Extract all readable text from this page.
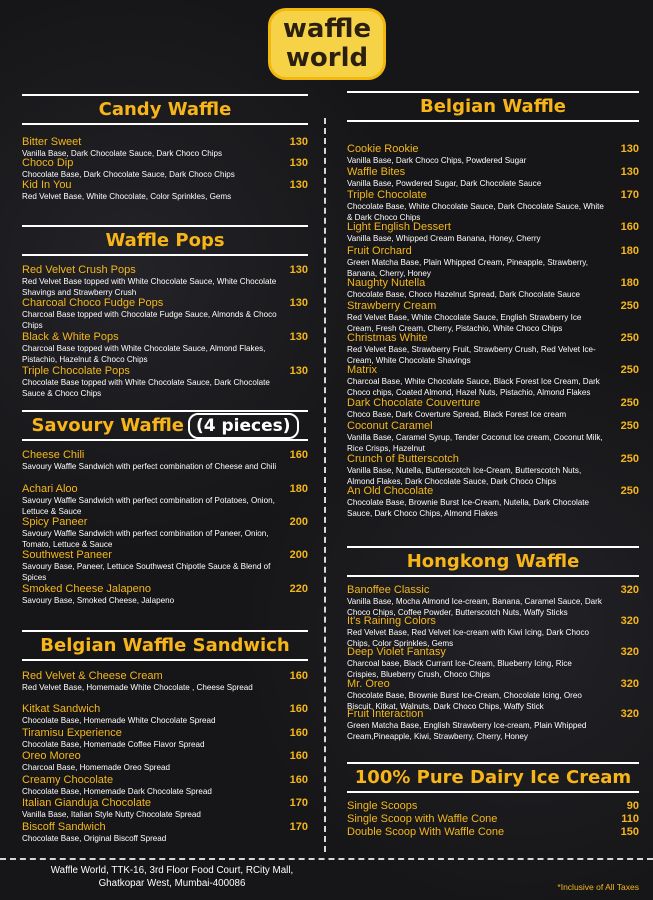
waffle
world
Candy Waffle
Bitter Sweet	130
Vanilla Base, Dark Chocolate Sauce, Dark Choco Chips
Choco Dip	130
Chocolate Base, Dark Chocolate Sauce, Dark Choco Chips
Kid In You	130
Red Velvet Base, White Chocolate, Color Sprinkles, Gems
Waffle Pops
Red Velvet Crush Pops	130
Red Velvet Base topped with White Chocolate Sauce, White Chocolate Shavings and Strawberry Crush
Charcoal Choco Fudge Pops	130
Charcoal Base topped with Chocolate Fudge Sauce, Almonds & Choco Chips
Black & White Pops	130
Charcoal Base topped with White Chocolate Sauce, Almond Flakes, Pistachio, Hazelnut & Choco Chips
Triple Chocolate Pops	130
Chocolate Base topped with White Chocolate Sauce, Dark Chocolate Sauce & Choco Chips
Savoury Waffle (4 pieces)
Cheese Chili	160
Savoury Waffle Sandwich with perfect combination of Cheese and Chili
Achari Aloo	180
Savoury Waffle Sandwich with perfect combination of Potatoes, Onion, Lettuce & Sauce
Spicy Paneer	200
Savoury Waffle Sandwich with perfect combination of Paneer, Onion, Tomato, Lettuce & Sauce
Southwest Paneer	200
Savoury Base, Paneer, Lettuce Southwest Chipotle Sauce & Blend of Spices
Smoked Cheese Jalapeno	220
Savoury Base, Smoked Cheese, Jalapeno
Belgian Waffle Sandwich
Red Velvet & Cheese Cream	160
Red Velvet Base, Homemade White Chocolate , Cheese Spread
Kitkat Sandwich	160
Chocolate Base, Homemade White Chocolate Spread
Tiramisu Experience	160
Chocolate Base, Homemade Coffee Flavor Spread
Oreo Moreo	160
Charcoal Base, Homemade Oreo Spread
Creamy Chocolate	160
Chocolate Base, Homemade Dark Chocolate Spread
Italian Gianduja Chocolate	170
Vanilla Base, Italian Style Nutty Chocolate Spread
Biscoff Sandwich	170
Chocolate Base, Original Biscoff Spread
Belgian Waffle
Cookie Rookie	130
Vanilla Base, Dark Choco Chips, Powdered Sugar
Waffle Bites	130
Vanilla Base, Powdered Sugar, Dark Chocolate Sauce
Triple Chocolate	170
Chocolate Base, White Chocolate Sauce, Dark Chocolate Sauce, White & Dark Choco Chips
Light English Dessert	160
Vanilla Base, Whipped Cream Banana, Honey, Cherry
Fruit Orchard	180
Green Matcha Base, Plain Whipped Cream, Pineapple, Strawberry, Banana, Cherry, Honey
Naughty Nutella	180
Chocolate Base, Choco Hazelnut Spread, Dark Chocolate Sauce
Strawberry Cream	250
Red Velvet Base, White Chocolate Sauce, English Strawberry Ice Cream, Fresh Cream, Cherry, Pistachio, White Choco Chips
Christmas White	250
Red Velvet Base, Strawberry Fruit, Strawberry Crush, Red Velvet Ice-Cream, White Chocolate Shavings
Matrix	250
Charcoal Base, White Chocolate Sauce, Black Forest Ice Cream, Dark Choco chips, Coated Almond, Hazel Nuts, Pistachio, Almond Flakes
Dark Chocolate Couverture	250
Choco Base, Dark Coverture Spread, Black Forest Ice cream
Coconut Caramel	250
Vanilla Base, Caramel Syrup, Tender Coconut Ice cream, Coconut Milk, Rice Crisps, Hazelnut
Crunch of Butterscotch	250
Vanilla Base, Nutella, Butterscotch Ice-Cream, Butterscotch Nuts, Almond Flakes, Dark Chocolate Sauce, Dark Choco Chips
An Old Chocolate	250
Chocolate Base, Brownie Burst Ice-Cream, Nutella, Dark Chocolate Sauce, Dark Choco Chips, Almond Flakes
Hongkong Waffle
Banoffee Classic	320
Vanilla Base, Mocha Almond Ice-cream, Banana, Caramel Sauce, Dark Choco Chips, Coffee Powder, Butterscotch Nuts, Waffy Sticks
It's Raining Colors	320
Red Velvet Base, Red Velvet Ice-cream with Kiwi Icing, Dark Choco Chips, Color Sprinkles, Gems
Deep Violet Fantasy	320
Charcoal base, Black Currant Ice-Cream, Blueberry Icing, Rice Crispies, Blueberry Crush, Choco Chips
Mr. Oreo	320
Chocolate Base, Brownie Burst Ice-Cream, Chocolate Icing, Oreo Biscuit, Kitkat, Walnuts, Dark Choco Chips, Waffy Stick
Fruit Interaction	320
Green Matcha Base, English Strawberry Ice-cream, Plain Whipped Cream,Pineapple, Kiwi, Strawberry, Cherry, Honey
100% Pure Dairy Ice Cream
Single Scoops	90
Single Scoop with Waffle Cone	110
Double Scoop With Waffle Cone	150
Waffle World, TTK-16, 3rd Floor Food Court, RCity Mall,
Ghatkopar West, Mumbai-400086	*Inclusive of All Taxes
